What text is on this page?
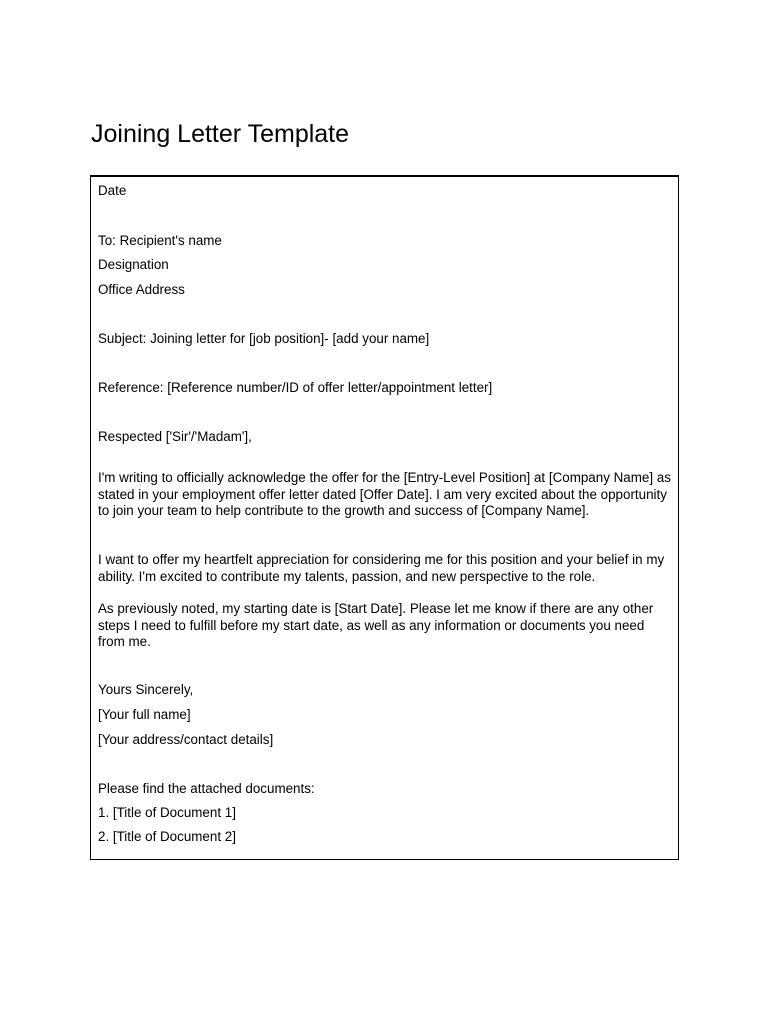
Joining Letter Template
Date
To: Recipient's name
Designation
Office Address
Subject: Joining letter for [job position]- [add your name]
Reference: [Reference number/ID of offer letter/appointment letter]
Respected ['Sir'/'Madam'],
I'm writing to officially acknowledge the offer for the [Entry-Level Position] at [Company Name] as stated in your employment offer letter dated [Offer Date]. I am very excited about the opportunity to join your team to help contribute to the growth and success of [Company Name].
I want to offer my heartfelt appreciation for considering me for this position and your belief in my ability. I'm excited to contribute my talents, passion, and new perspective to the role.
As previously noted, my starting date is [Start Date]. Please let me know if there are any other steps I need to fulfill before my start date, as well as any information or documents you need from me.
Yours Sincerely,
[Your full name]
[Your address/contact details]
Please find the attached documents:
1. [Title of Document 1]
2. [Title of Document 2]
